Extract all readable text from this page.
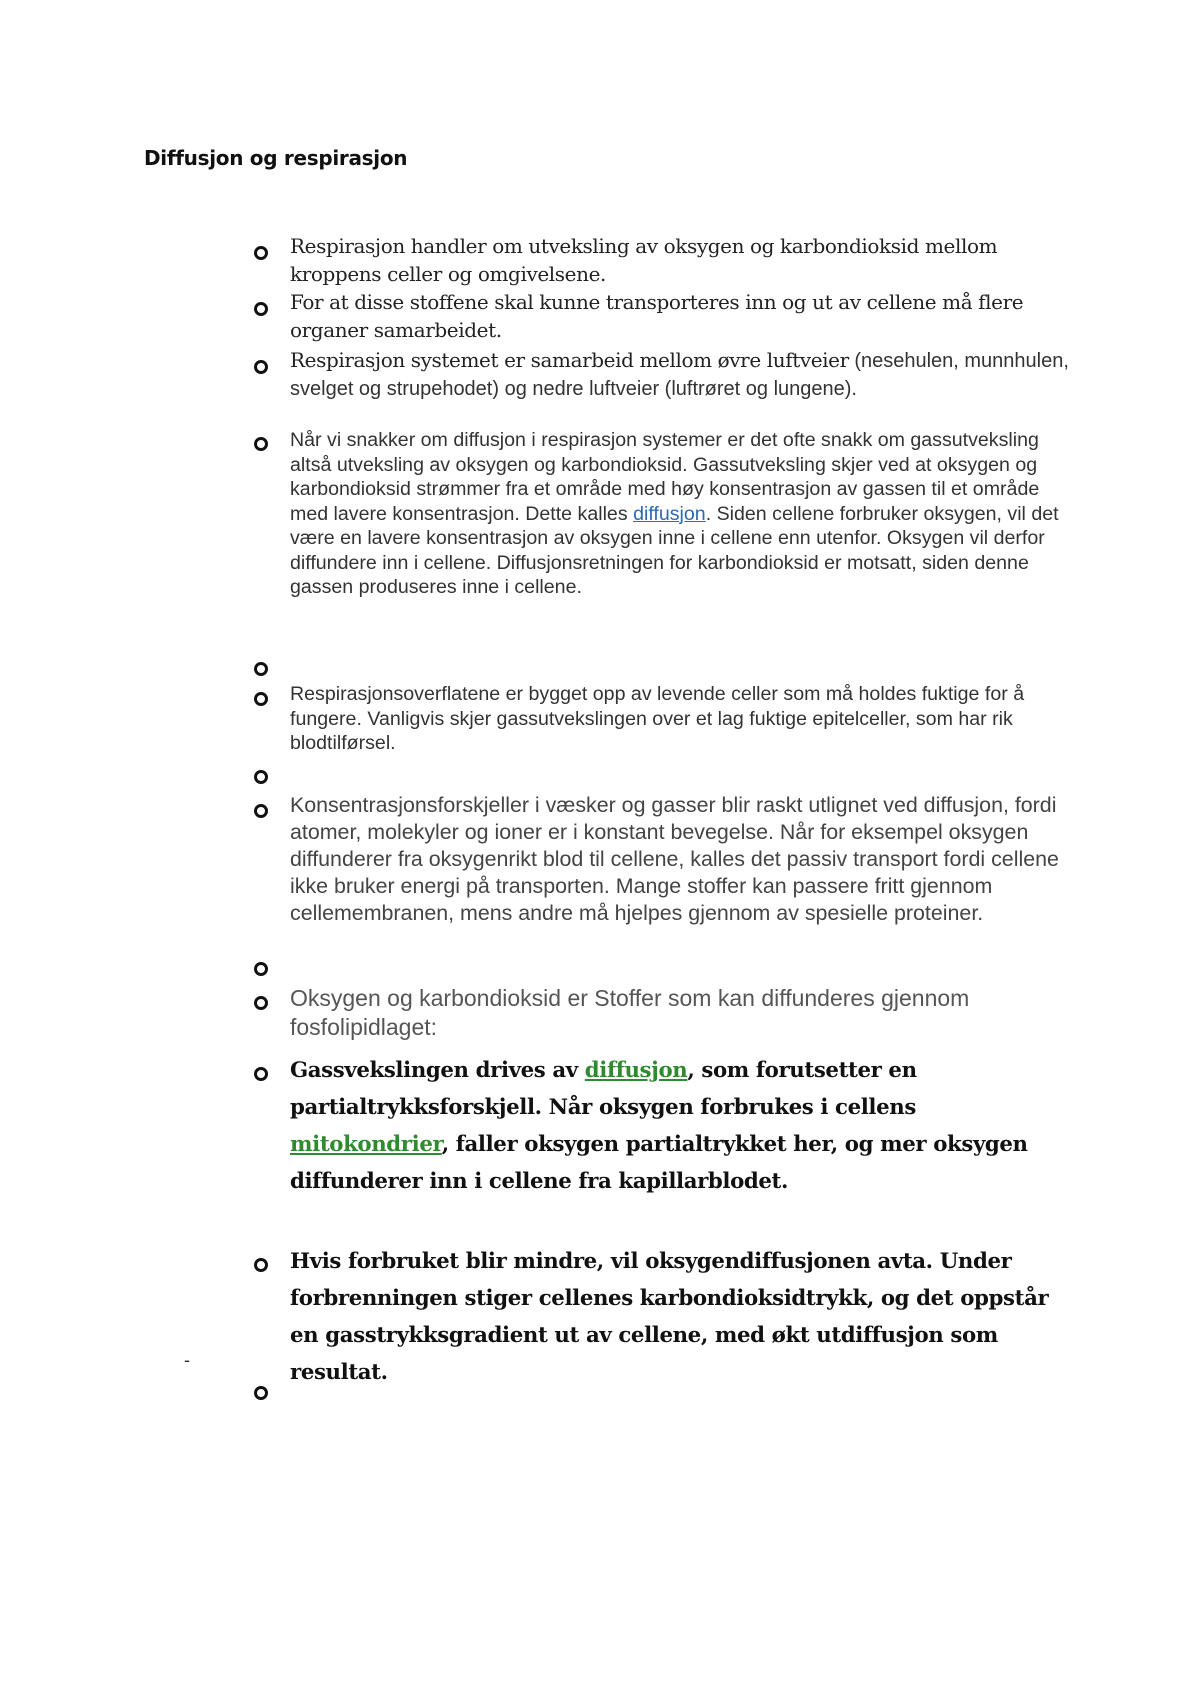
Diffusjon og respirasjon
Respirasjon handler om utveksling av oksygen og karbondioksid mellom kroppens celler og omgivelsene.
For at disse stoffene skal kunne transporteres inn og ut av cellene må flere organer samarbeidet.
Respirasjon systemet er samarbeid mellom øvre luftveier (nesehulen, munnhulen, svelget og strupehodet) og nedre luftveier (luftrøret og lungene).
Når vi snakker om diffusjon i respirasjon systemer er det ofte snakk om gassutveksling altså utveksling av oksygen og karbondioksid. Gassutveksling skjer ved at oksygen og karbondioksid strømmer fra et område med høy konsentrasjon av gassen til et område med lavere konsentrasjon. Dette kalles diffusjon. Siden cellene forbruker oksygen, vil det være en lavere konsentrasjon av oksygen inne i cellene enn utenfor. Oksygen vil derfor diffundere inn i cellene. Diffusjonsretningen for karbondioksid er motsatt, siden denne gassen produseres inne i cellene.
Respirasjonsoverflatene er bygget opp av levende celler som må holdes fuktige for å fungere. Vanligvis skjer gassutvekslingen over et lag fuktige epitelceller, som har rik blodtilførsel.
Konsentrasjonsforskjeller i væsker og gasser blir raskt utlignet ved diffusjon, fordi atomer, molekyler og ioner er i konstant bevegelse. Når for eksempel oksygen diffunderer fra oksygenrikt blod til cellene, kalles det passiv transport fordi cellene ikke bruker energi på transporten. Mange stoffer kan passere fritt gjennom cellemembranen, mens andre må hjelpes gjennom av spesielle proteiner.
Oksygen og karbondioksid er Stoffer som kan diffunderes gjennom fosfolipidlaget:
Gassvekslingen drives av diffusjon, som forutsetter en partialtrykksforskjell. Når oksygen forbrukes i cellens mitokondrier, faller oksygen partialtrykket her, og mer oksygen diffunderer inn i cellene fra kapillarblodet.
Hvis forbruket blir mindre, vil oksygendiffusjonen avta. Under forbrenningen stiger cellenes karbondioksidtrykk, og det oppstår en gasstrykksgradient ut av cellene, med økt utdiffusjon som resultat.
-
